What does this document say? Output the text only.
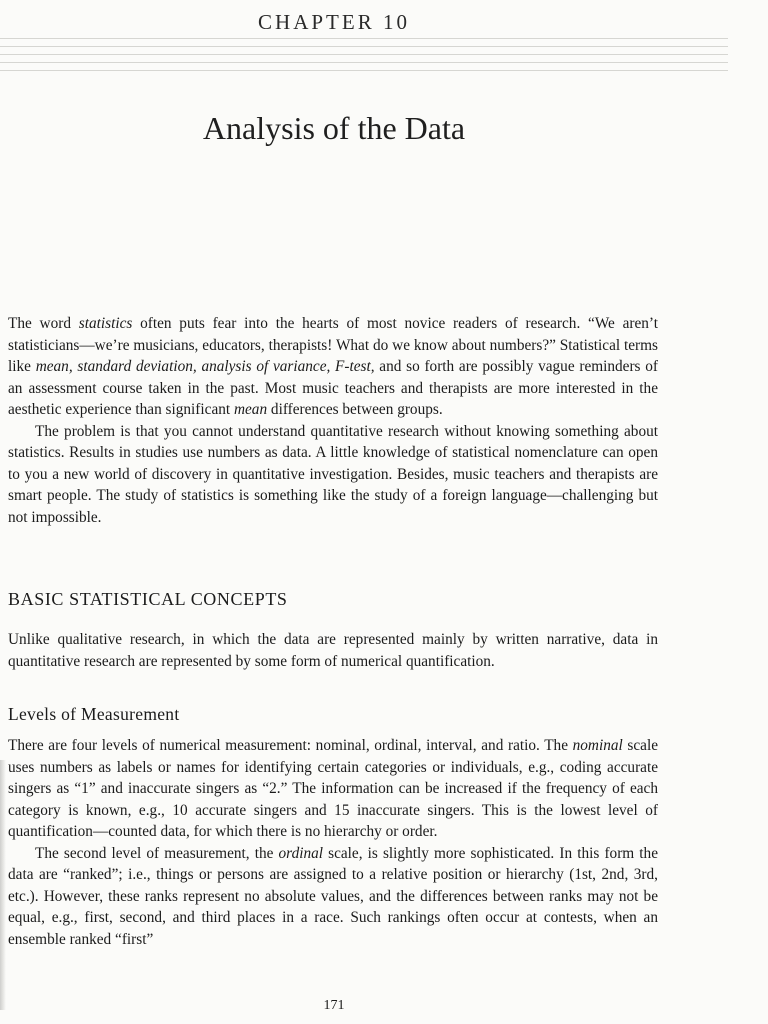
CHAPTER 10
Analysis of the Data

The word statistics often puts fear into the hearts of most novice readers of research. “We aren’t statisticians—we’re musicians, educators, therapists! What do we know about numbers?” Statistical terms like mean, standard deviation, analysis of variance, F-test, and so forth are possibly vague reminders of an assessment course taken in the past. Most music teachers and therapists are more interested in the aesthetic experience than significant mean differences between groups.

The problem is that you cannot understand quantitative research without knowing something about statistics. Results in studies use numbers as data. A little knowledge of statistical nomenclature can open to you a new world of discovery in quantitative investigation. Besides, music teachers and therapists are smart people. The study of statistics is something like the study of a foreign language—challenging but not impossible.

BASIC STATISTICAL CONCEPTS

Unlike qualitative research, in which the data are represented mainly by written narrative, data in quantitative research are represented by some form of numerical quantification.

Levels of Measurement

There are four levels of numerical measurement: nominal, ordinal, interval, and ratio. The nominal scale uses numbers as labels or names for identifying certain categories or individuals, e.g., coding accurate singers as “1” and inaccurate singers as “2.” The information can be increased if the frequency of each category is known, e.g., 10 accurate singers and 15 inaccurate singers. This is the lowest level of quantification—counted data, for which there is no hierarchy or order.

The second level of measurement, the ordinal scale, is slightly more sophisticated. In this form the data are “ranked”; i.e., things or persons are assigned to a relative position or hierarchy (1st, 2nd, 3rd, etc.). However, these ranks represent no absolute values, and the differences between ranks may not be equal, e.g., first, second, and third places in a race. Such rankings often occur at contests, when an ensemble ranked “first”

171
